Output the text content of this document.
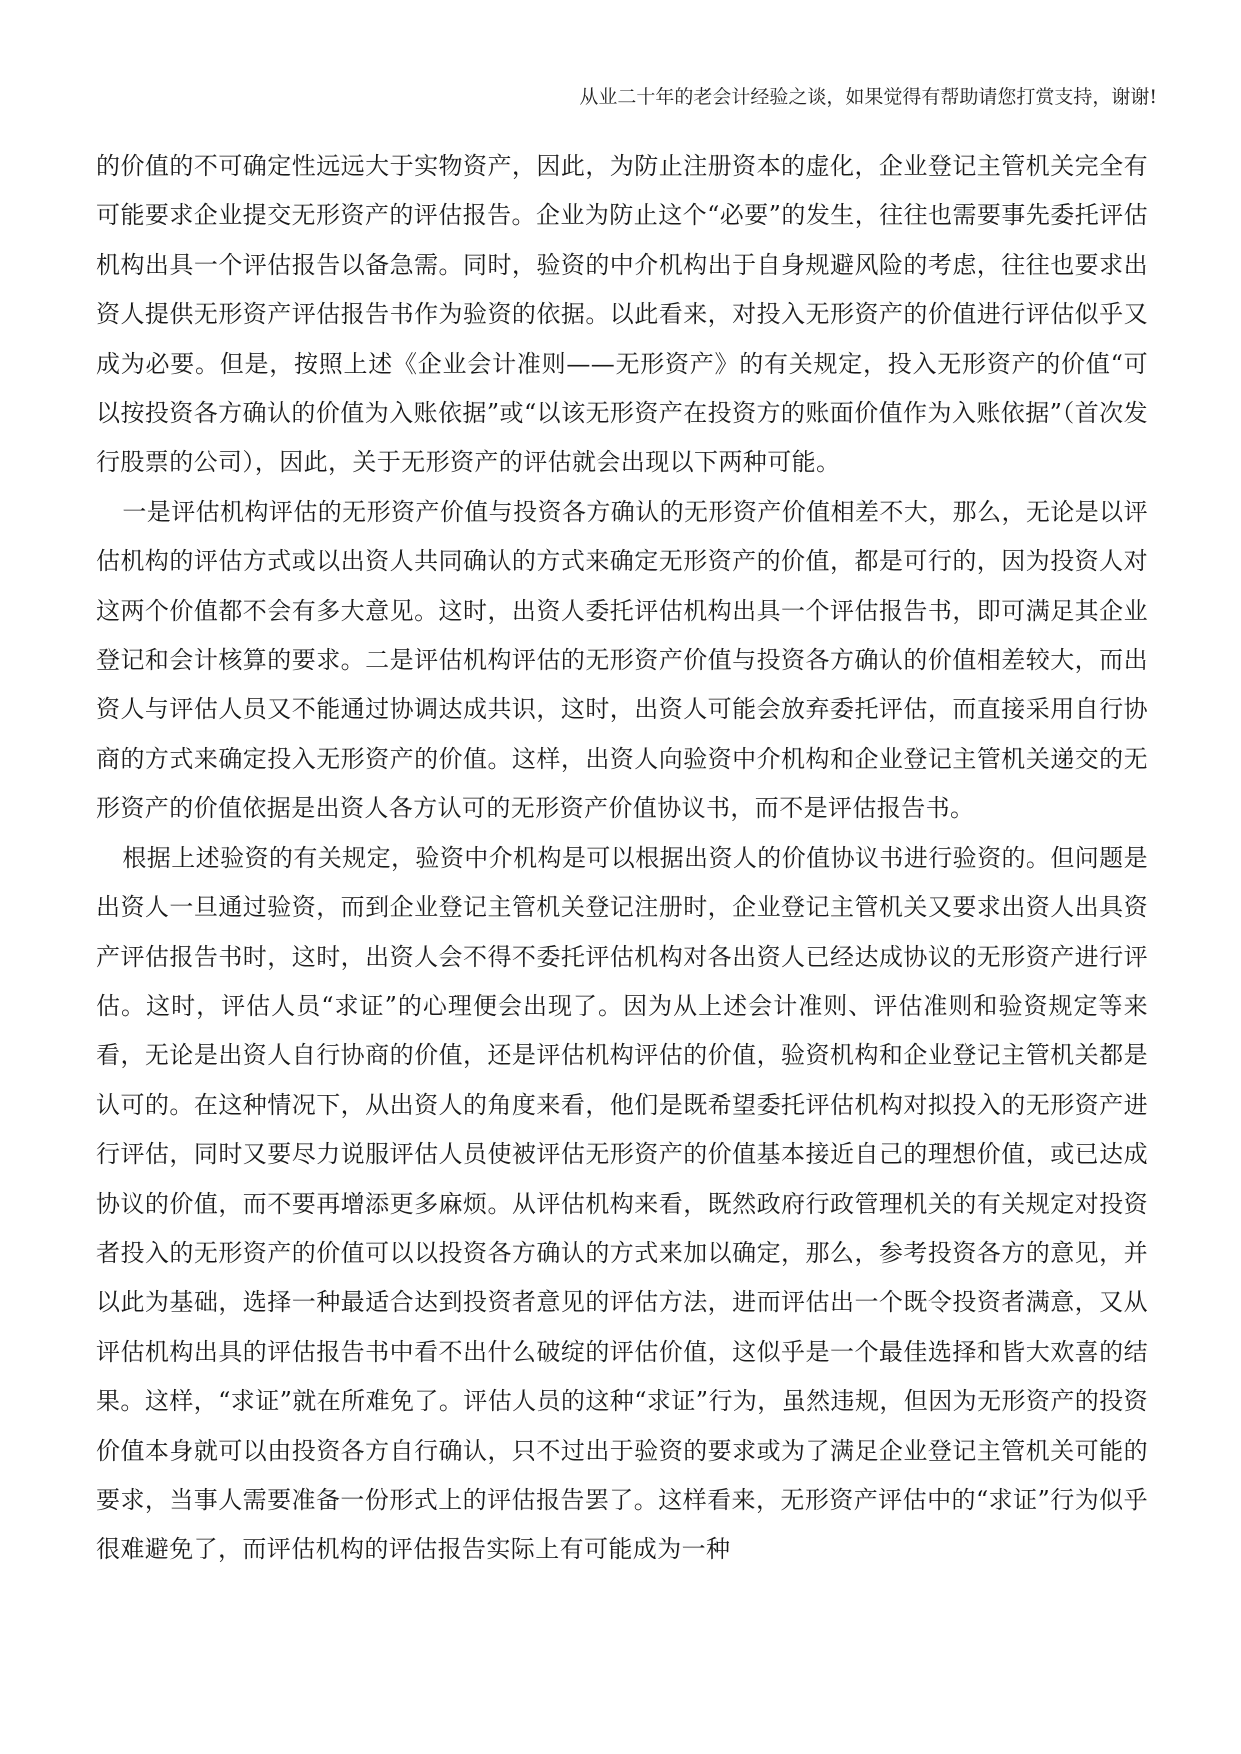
从业二十年的老会计经验之谈，如果觉得有帮助请您打赏支持，谢谢!

的价值的不可确定性远远大于实物资产，因此，为防止注册资本的虚化，企业登记主管机关完全有可能要求企业提交无形资产的评估报告。企业为防止这个“必要”的发生，往往也需要事先委托评估机构出具一个评估报告以备急需。同时，验资的中介机构出于自身规避风险的考虑，往往也要求出资人提供无形资产评估报告书作为验资的依据。以此看来，对投入无形资产的价值进行评估似乎又成为必要。但是，按照上述《企业会计准则——无形资产》的有关规定，投入无形资产的价值“可以按投资各方确认的价值为入账依据”或“以该无形资产在投资方的账面价值作为入账依据”（首次发行股票的公司），因此，关于无形资产的评估就会出现以下两种可能。

一是评估机构评估的无形资产价值与投资各方确认的无形资产价值相差不大，那么，无论是以评估机构的评估方式或以出资人共同确认的方式来确定无形资产的价值，都是可行的，因为投资人对这两个价值都不会有多大意见。这时，出资人委托评估机构出具一个评估报告书，即可满足其企业登记和会计核算的要求。二是评估机构评估的无形资产价值与投资各方确认的价值相差较大，而出资人与评估人员又不能通过协调达成共识，这时，出资人可能会放弃委托评估，而直接采用自行协商的方式来确定投入无形资产的价值。这样，出资人向验资中介机构和企业登记主管机关递交的无形资产的价值依据是出资人各方认可的无形资产价值协议书，而不是评估报告书。

根据上述验资的有关规定，验资中介机构是可以根据出资人的价值协议书进行验资的。但问题是出资人一旦通过验资，而到企业登记主管机关登记注册时，企业登记主管机关又要求出资人出具资产评估报告书时，这时，出资人会不得不委托评估机构对各出资人已经达成协议的无形资产进行评估。这时，评估人员“求证”的心理便会出现了。因为从上述会计准则、评估准则和验资规定等来看，无论是出资人自行协商的价值，还是评估机构评估的价值，验资机构和企业登记主管机关都是认可的。在这种情况下，从出资人的角度来看，他们是既希望委托评估机构对拟投入的无形资产进行评估，同时又要尽力说服评估人员使被评估无形资产的价值基本接近自己的理想价值，或已达成协议的价值，而不要再增添更多麻烦。从评估机构来看，既然政府行政管理机关的有关规定对投资者投入的无形资产的价值可以以投资各方确认的方式来加以确定，那么，参考投资各方的意见，并以此为基础，选择一种最适合达到投资者意见的评估方法，进而评估出一个既令投资者满意，又从评估机构出具的评估报告书中看不出什么破绽的评估价值，这似乎是一个最佳选择和皆大欢喜的结果。这样，“求证”就在所难免了。评估人员的这种“求证”行为，虽然违规，但因为无形资产的投资价值本身就可以由投资各方自行确认，只不过出于验资的要求或为了满足企业登记主管机关可能的要求，当事人需要准备一份形式上的评估报告罢了。这样看来，无形资产评估中的“求证”行为似乎很难避免了，而评估机构的评估报告实际上有可能成为一种
